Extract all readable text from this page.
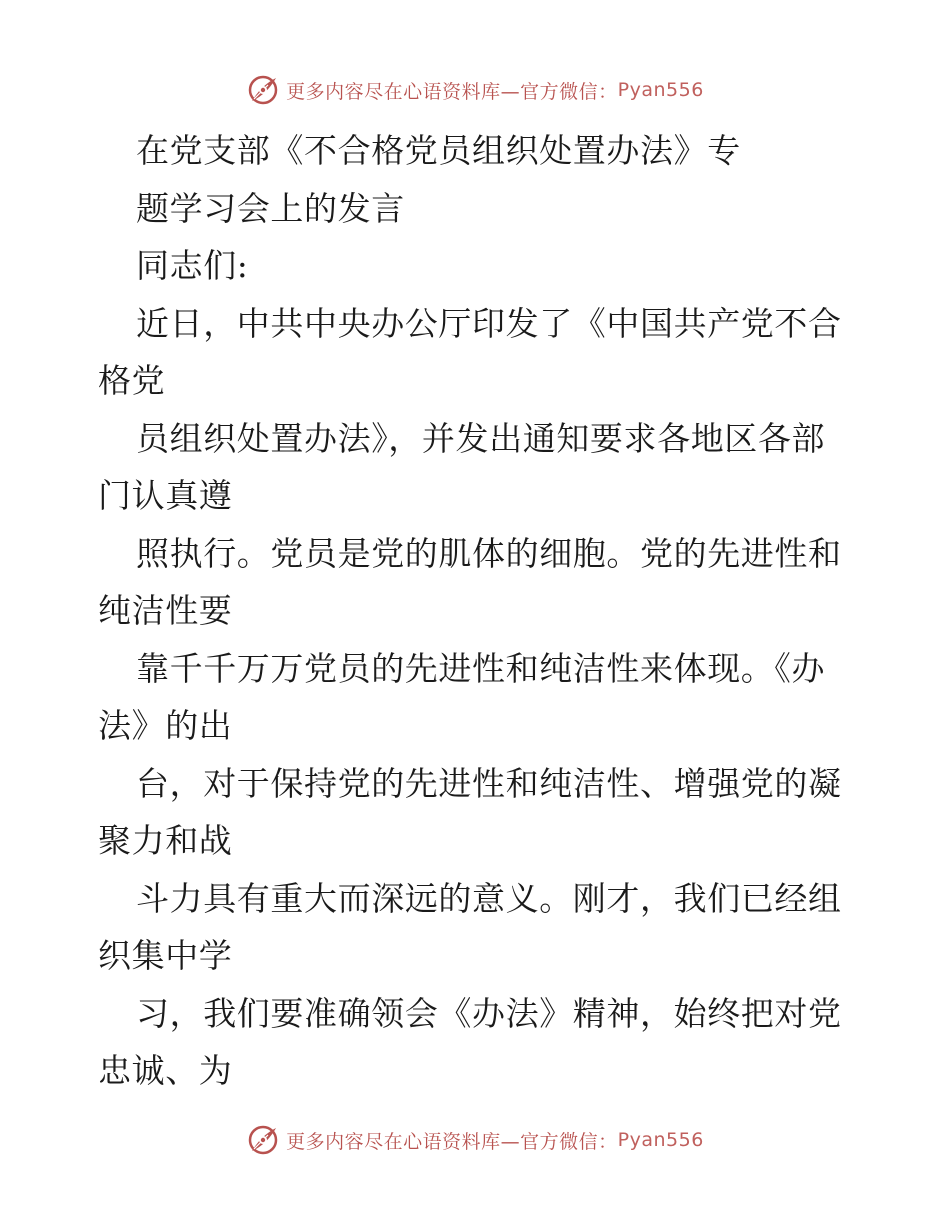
更多内容尽在心语资料库—官方微信： Pyan556
在党支部《不合格党员组织处置办法》专
题学习会上的发言
同志们:
近日，中共中央办公厅印发了《中国共产党不合
格党
员组织处置办法》，并发出通知要求各地区各部
门认真遵
照执行。党员是党的肌体的细胞。党的先进性和
纯洁性要
靠千千万万党员的先进性和纯洁性来体现。《办
法》的出
台，对于保持党的先进性和纯洁性、增强党的凝
聚力和战
斗力具有重大而深远的意义。刚才，我们已经组
织集中学
习，我们要准确领会《办法》精神，始终把对党
忠诚、为
更多内容尽在心语资料库—官方微信： Pyan556
